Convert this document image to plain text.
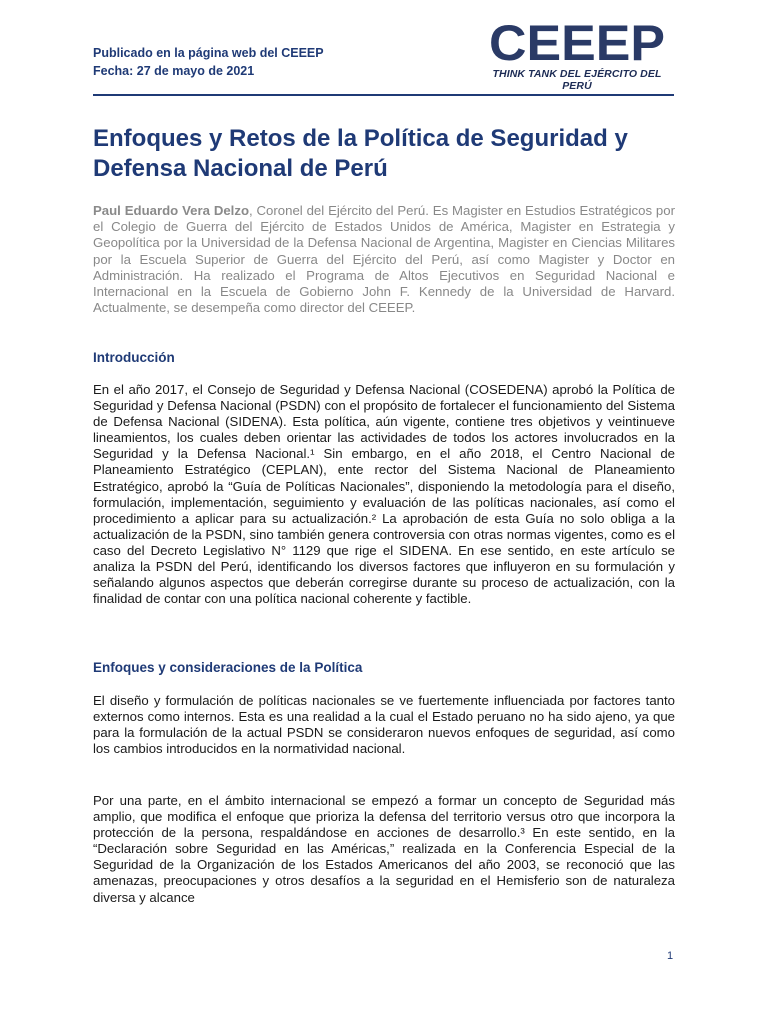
Publicado en la página web del CEEEP
Fecha: 27 de mayo de 2021	CEEEP
THINK TANK DEL EJÉRCITO DEL PERÚ
Enfoques y Retos de la Política de Seguridad y Defensa Nacional de Perú

Paul Eduardo Vera Delzo, Coronel del Ejército del Perú. Es Magister en Estudios Estratégicos por el Colegio de Guerra del Ejército de Estados Unidos de América, Magister en Estrategia y Geopolítica por la Universidad de la Defensa Nacional de Argentina, Magister en Ciencias Militares por la Escuela Superior de Guerra del Ejército del Perú, así como Magister y Doctor en Administración. Ha realizado el Programa de Altos Ejecutivos en Seguridad Nacional e Internacional en la Escuela de Gobierno John F. Kennedy de la Universidad de Harvard. Actualmente, se desempeña como director del CEEEP.

Introducción

En el año 2017, el Consejo de Seguridad y Defensa Nacional (COSEDENA) aprobó la Política de Seguridad y Defensa Nacional (PSDN) con el propósito de fortalecer el funcionamiento del Sistema de Defensa Nacional (SIDENA). Esta política, aún vigente, contiene tres objetivos y veintinueve lineamientos, los cuales deben orientar las actividades de todos los actores involucrados en la Seguridad y la Defensa Nacional.¹ Sin embargo, en el año 2018, el Centro Nacional de Planeamiento Estratégico (CEPLAN), ente rector del Sistema Nacional de Planeamiento Estratégico, aprobó la “Guía de Políticas Nacionales”, disponiendo la metodología para el diseño, formulación, implementación, seguimiento y evaluación de las políticas nacionales, así como el procedimiento a aplicar para su actualización.² La aprobación de esta Guía no solo obliga a la actualización de la PSDN, sino también genera controversia con otras normas vigentes, como es el caso del Decreto Legislativo N° 1129 que rige el SIDENA. En ese sentido, en este artículo se analiza la PSDN del Perú, identificando los diversos factores que influyeron en su formulación y señalando algunos aspectos que deberán corregirse durante su proceso de actualización, con la finalidad de contar con una política nacional coherente y factible.

Enfoques y consideraciones de la Política

El diseño y formulación de políticas nacionales se ve fuertemente influenciada por factores tanto externos como internos. Esta es una realidad a la cual el Estado peruano no ha sido ajeno, ya que para la formulación de la actual PSDN se consideraron nuevos enfoques de seguridad, así como los cambios introducidos en la normatividad nacional.

Por una parte, en el ámbito internacional se empezó a formar un concepto de Seguridad más amplio, que modifica el enfoque que prioriza la defensa del territorio versus otro que incorpora la protección de la persona, respaldándose en acciones de desarrollo.³ En este sentido, en la “Declaración sobre Seguridad en las Américas,” realizada en la Conferencia Especial de la Seguridad de la Organización de los Estados Americanos del año 2003, se reconoció que las amenazas, preocupaciones y otros desafíos a la seguridad en el Hemisferio son de naturaleza diversa y alcance

1
